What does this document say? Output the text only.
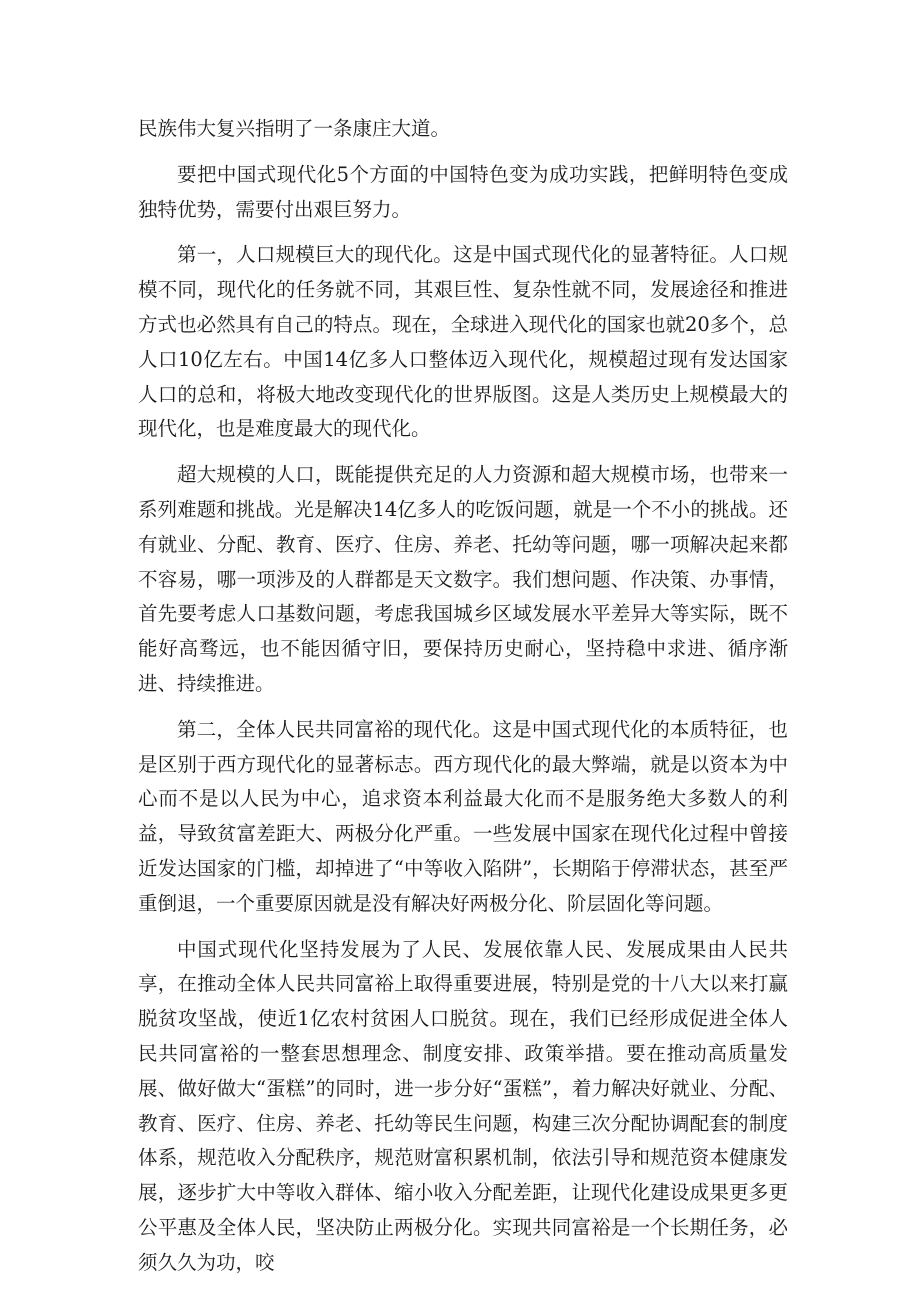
民族伟大复兴指明了一条康庄大道。

要把中国式现代化5个方面的中国特色变为成功实践，把鲜明特色变成独特优势，需要付出艰巨努力。

第一，人口规模巨大的现代化。这是中国式现代化的显著特征。人口规模不同，现代化的任务就不同，其艰巨性、复杂性就不同，发展途径和推进方式也必然具有自己的特点。现在，全球进入现代化的国家也就20多个，总人口10亿左右。中国14亿多人口整体迈入现代化，规模超过现有发达国家人口的总和，将极大地改变现代化的世界版图。这是人类历史上规模最大的现代化，也是难度最大的现代化。

超大规模的人口，既能提供充足的人力资源和超大规模市场，也带来一系列难题和挑战。光是解决14亿多人的吃饭问题，就是一个不小的挑战。还有就业、分配、教育、医疗、住房、养老、托幼等问题，哪一项解决起来都不容易，哪一项涉及的人群都是天文数字。我们想问题、作决策、办事情，首先要考虑人口基数问题，考虑我国城乡区域发展水平差异大等实际，既不能好高骛远，也不能因循守旧，要保持历史耐心，坚持稳中求进、循序渐进、持续推进。

第二，全体人民共同富裕的现代化。这是中国式现代化的本质特征，也是区别于西方现代化的显著标志。西方现代化的最大弊端，就是以资本为中心而不是以人民为中心，追求资本利益最大化而不是服务绝大多数人的利益，导致贫富差距大、两极分化严重。一些发展中国家在现代化过程中曾接近发达国家的门槛，却掉进了“中等收入陷阱”，长期陷于停滞状态，甚至严重倒退，一个重要原因就是没有解决好两极分化、阶层固化等问题。

中国式现代化坚持发展为了人民、发展依靠人民、发展成果由人民共享，在推动全体人民共同富裕上取得重要进展，特别是党的十八大以来打赢脱贫攻坚战，使近1亿农村贫困人口脱贫。现在，我们已经形成促进全体人民共同富裕的一整套思想理念、制度安排、政策举措。要在推动高质量发展、做好做大“蛋糕”的同时，进一步分好“蛋糕”，着力解决好就业、分配、教育、医疗、住房、养老、托幼等民生问题，构建三次分配协调配套的制度体系，规范收入分配秩序，规范财富积累机制，依法引导和规范资本健康发展，逐步扩大中等收入群体、缩小收入分配差距，让现代化建设成果更多更公平惠及全体人民，坚决防止两极分化。实现共同富裕是一个长期任务，必须久久为功，咬
